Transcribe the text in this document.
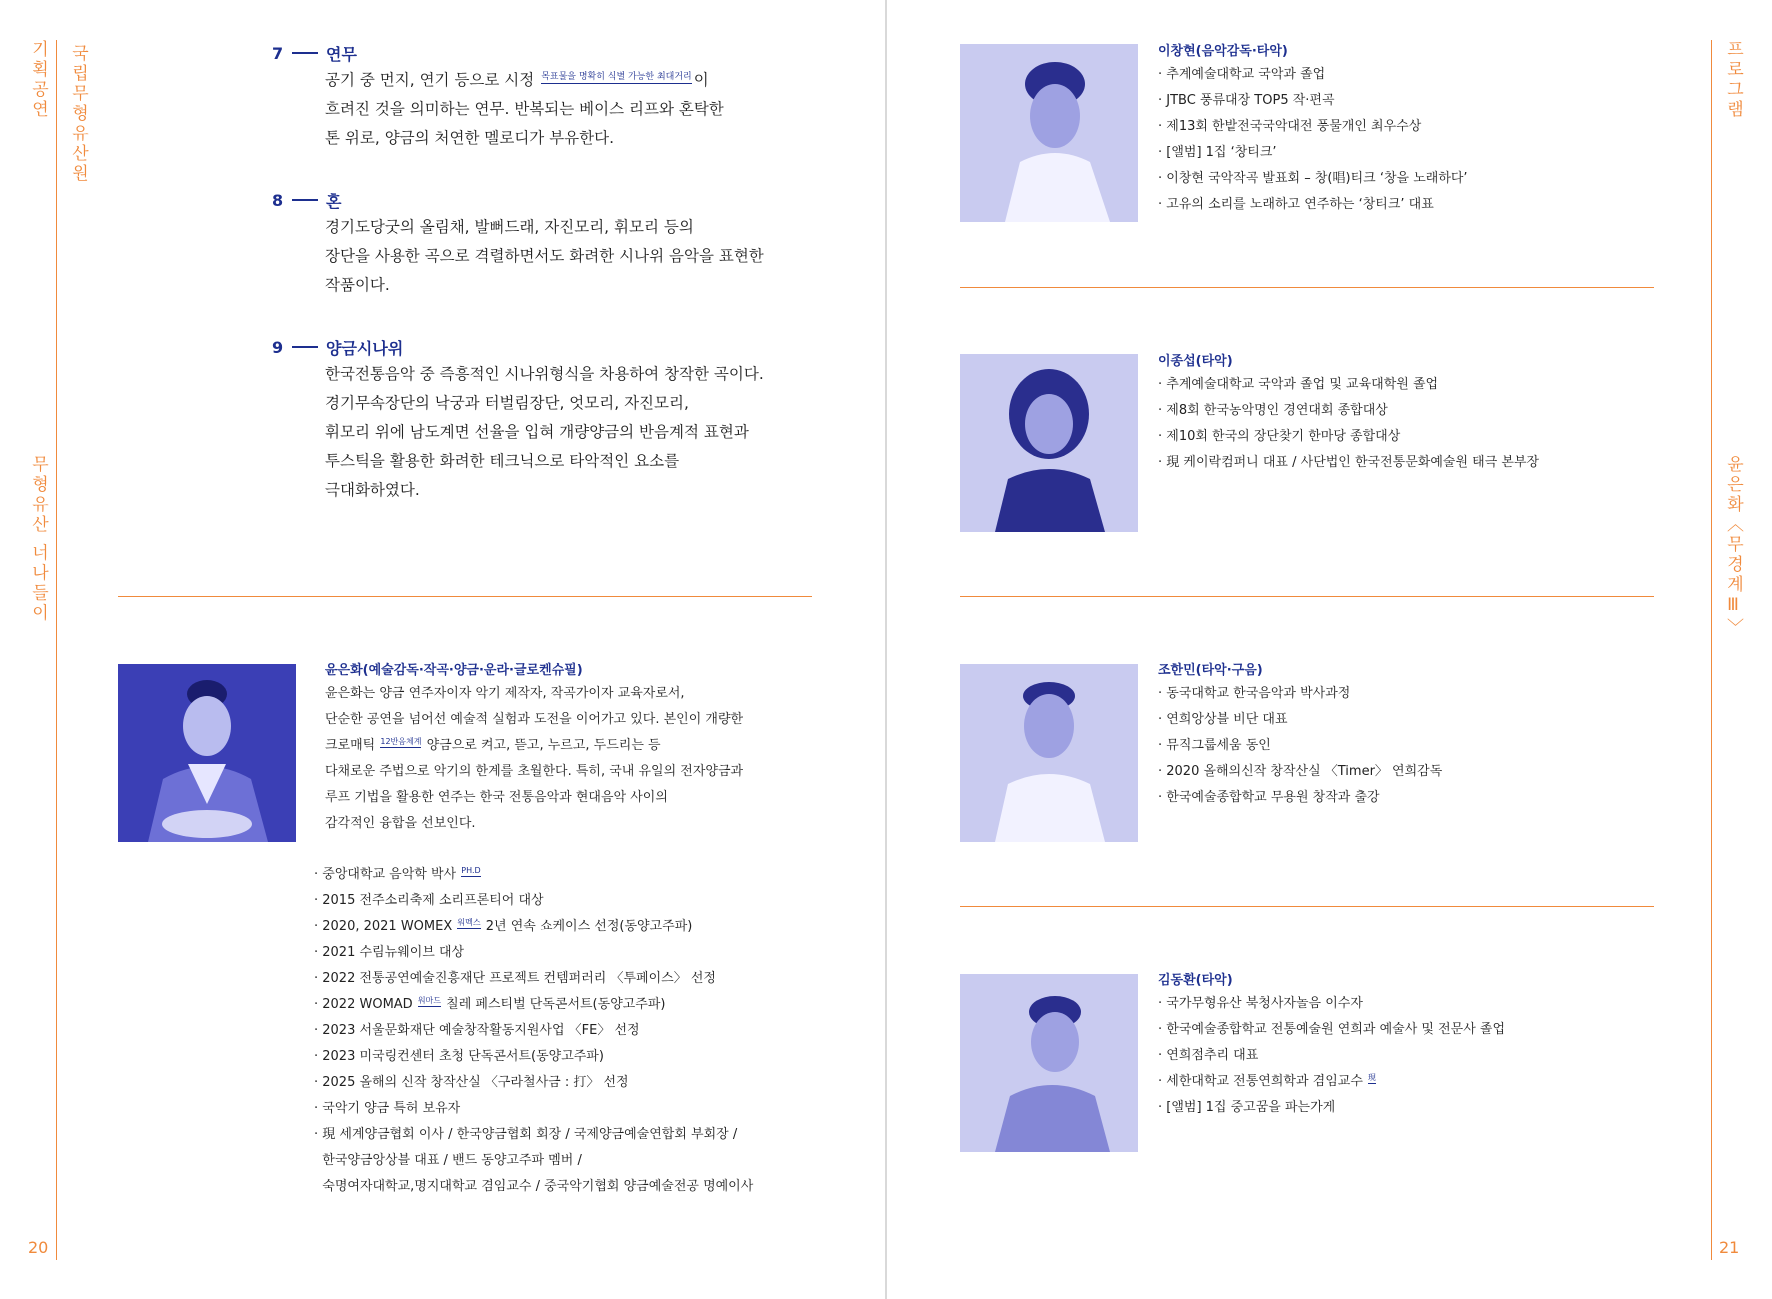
기획공연 국립무형유산원
무형유산 너나들이
20
7	연무
공기 중 먼지, 연기 등으로 시정 목표물을 명확히 식별 가능한 최대거리 이
흐려진 것을 의미하는 연무. 반복되는 베이스 리프와 혼탁한
톤 위로, 양금의 처연한 멜로디가 부유한다.
8	혼
경기도당굿의 올림채, 발뻐드래, 자진모리, 휘모리 등의
장단을 사용한 곡으로 격렬하면서도 화려한 시나위 음악을 표현한
작품이다.
9	양금시나위
한국전통음악 중 즉흥적인 시나위형식을 차용하여 창작한 곡이다.
경기무속장단의 낙궁과 터벌림장단, 엇모리, 자진모리,
휘모리 위에 남도계면 선율을 입혀 개량양금의 반음계적 표현과
투스틱을 활용한 화려한 테크닉으로 타악적인 요소를
극대화하였다.
윤은화(예술감독·작곡·양금·운라·글로켄슈필)
윤은화는 양금 연주자이자 악기 제작자, 작곡가이자 교육자로서,
단순한 공연을 넘어선 예술적 실험과 도전을 이어가고 있다. 본인이 개량한
크로매틱 12반음체계 양금으로 켜고, 뜯고, 누르고, 두드리는 등
다채로운 주법으로 악기의 한계를 초월한다. 특히, 국내 유일의 전자양금과
루프 기법을 활용한 연주는 한국 전통음악과 현대음악 사이의
감각적인 융합을 선보인다.
· 중앙대학교 음악학 박사 PH.D
· 2015 전주소리축제 소리프론티어 대상
· 2020, 2021 WOMEX 워멕스 2년 연속 쇼케이스 선정(동양고주파)
· 2021 수림뉴웨이브 대상
· 2022 전통공연예술진흥재단 프로젝트 컨템퍼러리 〈투페이스〉 선정
· 2022 WOMAD 워마드 칠레 페스티벌 단독콘서트(동양고주파)
· 2023 서울문화재단 예술창작활동지원사업 〈FE〉 선정
· 2023 미국링컨센터 초청 단독콘서트(동양고주파)
· 2025 올해의 신작 창작산실 〈구라철사금 : 打〉 선정
· 국악기 양금 특허 보유자
· 現 세계양금협회 이사 / 한국양금협회 회장 / 국제양금예술연합회 부회장 /
한국양금앙상블 대표 / 밴드 동양고주파 멤버 /
숙명여자대학교,명지대학교 겸임교수 / 중국악기협회 양금예술전공 명예이사
프로그램
윤은화〈무경계Ⅲ〉
21
이창현(음악감독·타악)
· 추계예술대학교 국악과 졸업
· JTBC 풍류대장 TOP5 작·편곡
· 제13회 한밭전국국악대전 풍물개인 최우수상
· [앨범] 1집 ‘창티크’
· 이창현 국악작곡 발표회 – 창(唱)티크 ‘창을 노래하다’
· 고유의 소리를 노래하고 연주하는 ‘창티크’ 대표
이종섭(타악)
· 추계예술대학교 국악과 졸업 및 교육대학원 졸업
· 제8회 한국농악명인 경연대회 종합대상
· 제10회 한국의 장단찾기 한마당 종합대상
· 現 케이락컴퍼니 대표 / 사단법인 한국전통문화예술원 태극 본부장
조한민(타악·구음)
· 동국대학교 한국음악과 박사과정
· 연희앙상블 비단 대표
· 뮤직그룹세움 동인
· 2020 올해의신작 창작산실 〈Timer〉 연희감독
· 한국예술종합학교 무용원 창작과 출강
김동환(타악)
· 국가무형유산 북청사자놀음 이수자
· 한국예술종합학교 전통예술원 연희과 예술사 및 전문사 졸업
· 연희점추리 대표
· 세한대학교 전통연희학과 겸임교수 現
· [앨범] 1집 중고꿈을 파는가게
